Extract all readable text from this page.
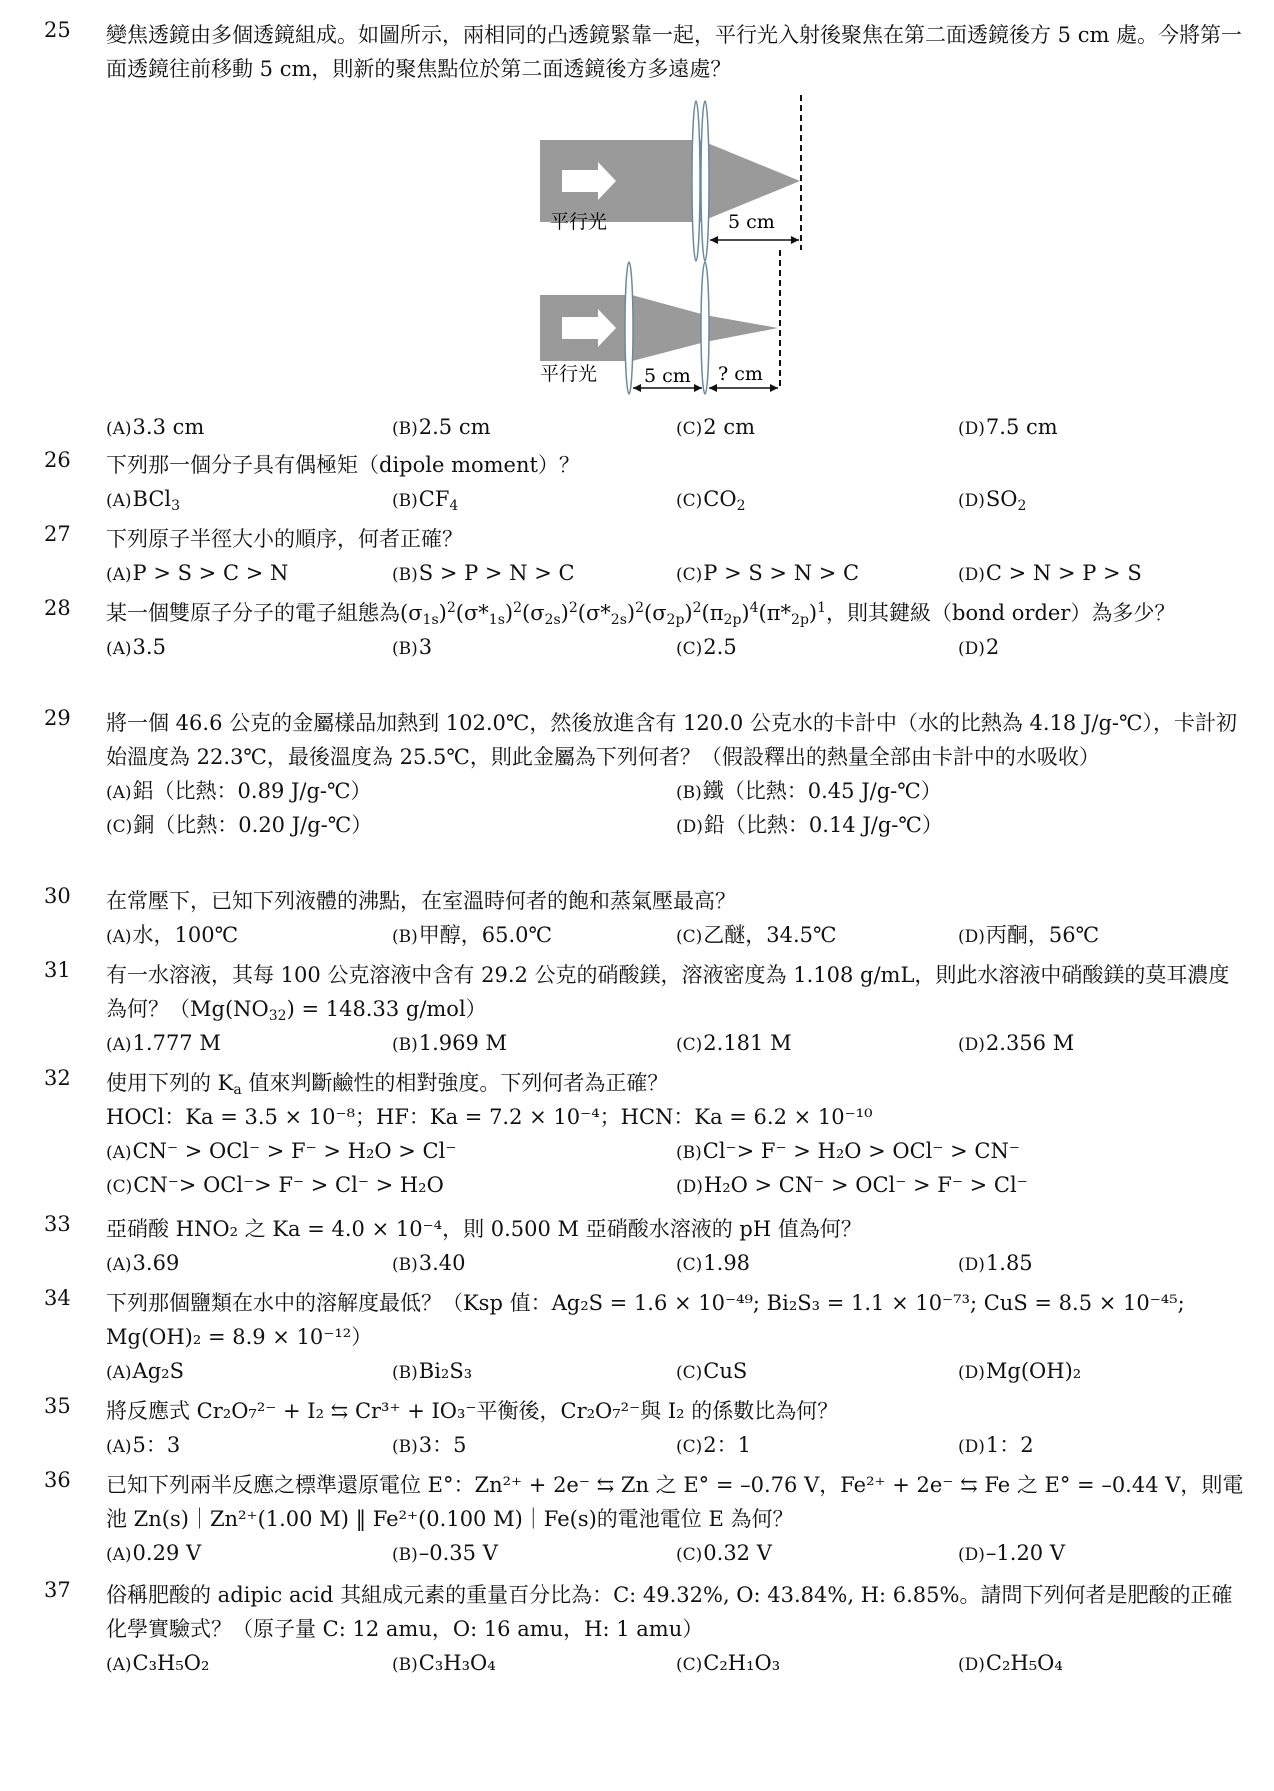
25	變焦透鏡由多個透鏡組成。如圖所示，兩相同的凸透鏡緊靠一起，平行光入射後聚焦在第二面透鏡後方 5 cm 處。今將第一面透鏡往前移動 5 cm，則新的聚焦點位於第二面透鏡後方多遠處？
平行光	5 cm
平行光 5 cm ? cm
(A)3.3 cm	(B)2.5 cm	(C)2 cm	(D)7.5 cm
26	下列那一個分子具有偶極矩（dipole moment）？
(A)BCl$_3$	$(B)CF_4$	$(C)CO_2$	$(D)SO_2$
27	下列原子半徑大小的順序，何者正確？
(A)P > S > C > N	(B)S > P > N > C	(C)P > S > N > C	(D)C > N > P > S
28	某一個雙原子分子的電子組態為$(\sigma_{1s})^2(\sigma*_{1s})^2(\sigma_{2s})^2(\sigma*_{2s})^2(\sigma_{2p})^2(\pi_{2p})^4(\pi*_{2p})^1$，則其鍵級（bond order）為多少？
(A)3.5	(B)3	(C)2.5	(D)2
29	將一個 46.6 公克的金屬樣品加熱到 102.0℃，然後放進含有 120.0 公克水的卡計中（水的比熱為 4.18 J/g-℃），卡計初始溫度為 22.3℃，最後溫度為 25.5℃，則此金屬為下列何者？（假設釋出的熱量全部由卡計中的水吸收）
(A)鋁（比熱：0.89 J/g-℃）	(B)鐵（比熱：0.45 J/g-℃）
(C)銅（比熱：0.20 J/g-℃）	(D)鉛（比熱：0.14 J/g-℃）
30	在常壓下，已知下列液體的沸點，在室溫時何者的飽和蒸氣壓最高？
(A)水，100℃	(B)甲醇，65.0℃	(C)乙醚，34.5℃	(D)丙酮，56℃
31	有一水溶液，其每 100 公克溶液中含有 29.2 公克的硝酸鎂，溶液密度為 1.108 g/mL，則此水溶液中硝酸鎂的莫耳濃度為何？（$Mg(NO_{32}) = 148.33$ g/mol）
(A)1.777 M	(B)1.969 M	(C)2.181 M	(D)2.356 M
32	使用下列的 $K_a$ 值來判斷鹼性的相對強度。下列何者為正確？
HOCl：Ka = 3.5 × 10⁻⁸；HF：Ka = 7.2 × 10⁻⁴；HCN：Ka = 6.2 × 10⁻¹⁰
(A)CN⁻ > OCl⁻ > F⁻ > H₂O > Cl⁻	(B)Cl⁻> F⁻ > H₂O > OCl⁻ > CN⁻
(C)CN⁻> OCl⁻> F⁻ > Cl⁻ > H₂O	(D)H₂O > CN⁻ > OCl⁻ > F⁻ > Cl⁻
33	亞硝酸 HNO₂ 之 Ka = 4.0 × 10⁻⁴，則 0.500 M 亞硝酸水溶液的 pH 值為何？
(A)3.69	(B)3.40	(C)1.98	(D)1.85
34	下列那個鹽類在水中的溶解度最低？（Ksp 值：Ag₂S = 1.6 × 10⁻⁴⁹; Bi₂S₃ = 1.1 × 10⁻⁷³; CuS = 8.5 × 10⁻⁴⁵; Mg(OH)₂ = 8.9 × 10⁻¹²）
(A)Ag₂S	(B)Bi₂S₃	(C)CuS	(D)Mg(OH)₂
35	將反應式 Cr₂O₇²⁻ + I₂ ⇆ Cr³⁺ + IO₃⁻平衡後，Cr₂O₇²⁻與 I₂ 的係數比為何？
(A)5：3	(B)3：5	(C)2：1	(D)1：2
36	已知下列兩半反應之標準還原電位 E°：Zn²⁺ + 2e⁻ ⇆ Zn 之 E° = –0.76 V，Fe²⁺ + 2e⁻ ⇆ Fe 之 E° = –0.44 V，則電池 Zn(s)｜Zn²⁺(1.00 M) ‖ Fe²⁺(0.100 M)｜Fe(s)的電池電位 E 為何？
(A)0.29 V	(B)–0.35 V	(C)0.32 V	(D)–1.20 V
37	俗稱肥酸的 adipic acid 其組成元素的重量百分比為：C: 49.32%, O: 43.84%, H: 6.85%。請問下列何者是肥酸的正確化學實驗式？（原子量 C: 12 amu，O: 16 amu，H: 1 amu）
(A)C₃H₅O₂	(B)C₃H₃O₄	(C)C₂H₁O₃	(D)C₂H₅O₄
